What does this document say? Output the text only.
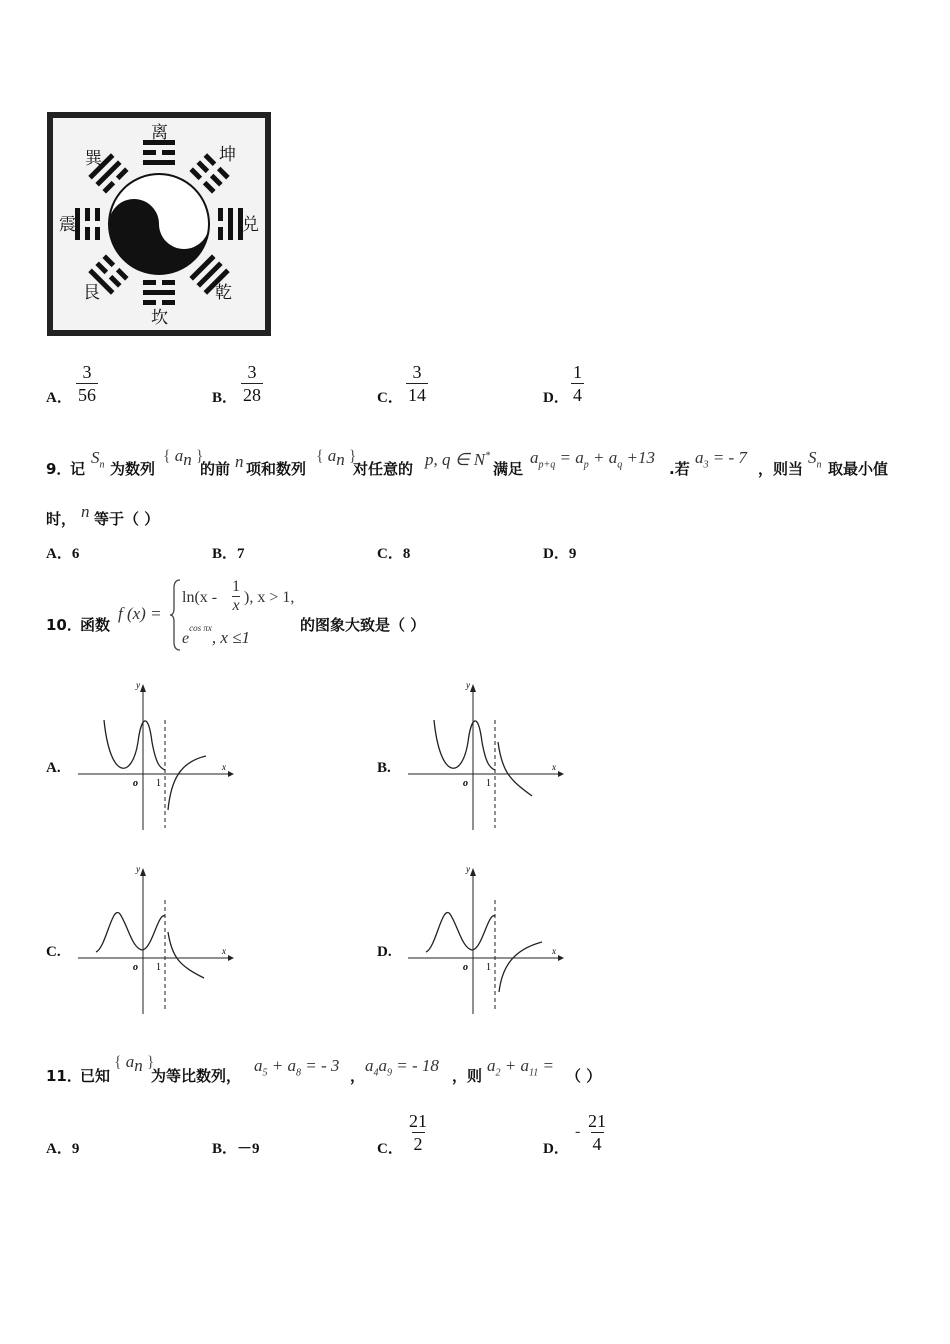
离
坤
兑
乾
坎
艮
震
巽
A． $\frac{3}{56}$	B． $\frac{3}{28}$	C． $\frac{3}{14}$	D． $\frac{1}{4}$
9．
记
$S_n$ 为数列
{ $a_n$ }
的前 n 项和数列
{ $a_n$ }
对任意的 p, q ∈ N*
满足
$a_{p+q} = a_p + a_q +13$
.若
$a_3$ = - 7
，则当
$S_n$ 取最小值
时， n 等于（ ）
A．6	B．7	C．8	D．9
10．
函数
f (x) =
ln(x -
1
x ), x > 1,
$e^{cos \pi x}$, x ≤1
的图象大致是（ ）
A.	B.
C.	D.
y
x
o 1
y
x
o 1
y
x
o 1
y
x
o 1
11．
已知
{ $a_n$ }
为等比数列，
$a_5 + a_8$ = - 3
，
$a_4a_9$ = - 18
，则
$a_2 + a_{11}$ =
（ ）
A．9	B．－9	C． $\frac{21}{2}$	D．
- $\frac{21}{4}$
